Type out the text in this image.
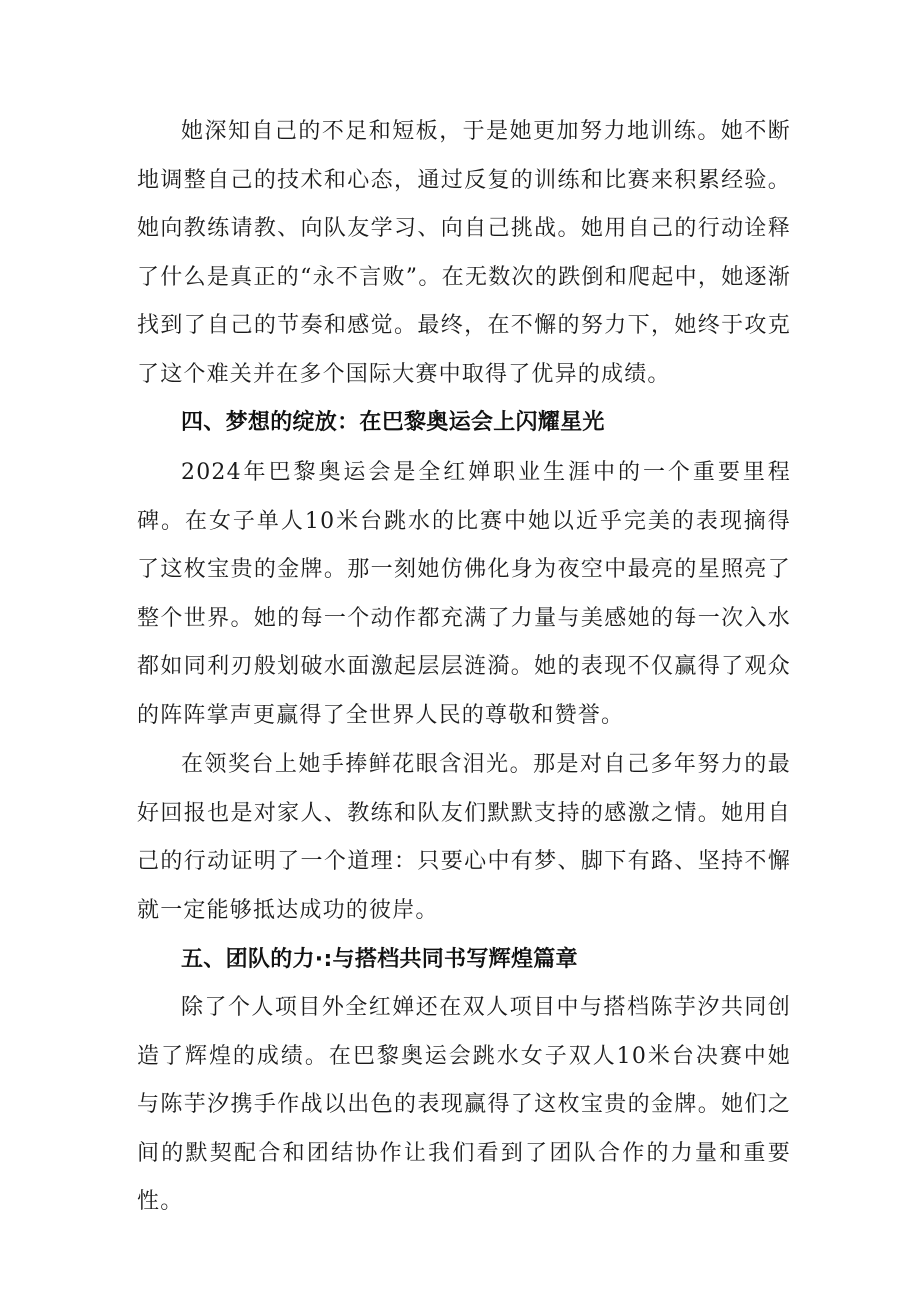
她深知自己的不足和短板，于是她更加努力地训练。她不断地调整自己的技术和心态，通过反复的训练和比赛来积累经验。她向教练请教、向队友学习、向自己挑战。她用自己的行动诠释了什么是真正的“永不言败”。在无数次的跌倒和爬起中，她逐渐找到了自己的节奏和感觉。最终，在不懈的努力下，她终于攻克了这个难关并在多个国际大赛中取得了优异的成绩。

四、梦想的绽放：在巴黎奥运会上闪耀星光

2024年巴黎奥运会是全红婵职业生涯中的一个重要里程碑。在女子单人10米台跳水的比赛中她以近乎完美的表现摘得了这枚宝贵的金牌。那一刻她仿佛化身为夜空中最亮的星照亮了整个世界。她的每一个动作都充满了力量与美感她的每一次入水都如同利刃般划破水面激起层层涟漪。她的表现不仅赢得了观众的阵阵掌声更赢得了全世界人民的尊敬和赞誉。

在领奖台上她手捧鲜花眼含泪光。那是对自己多年努力的最好回报也是对家人、教练和队友们默默支持的感激之情。她用自己的行动证明了一个道理：只要心中有梦、脚下有路、坚持不懈就一定能够抵达成功的彼岸。

五、团队的力·:与搭档共同书写辉煌篇章

除了个人项目外全红婵还在双人项目中与搭档陈芋汐共同创造了辉煌的成绩。在巴黎奥运会跳水女子双人10米台决赛中她与陈芋汐携手作战以出色的表现赢得了这枚宝贵的金牌。她们之间的默契配合和团结协作让我们看到了团队合作的力量和重要性。
